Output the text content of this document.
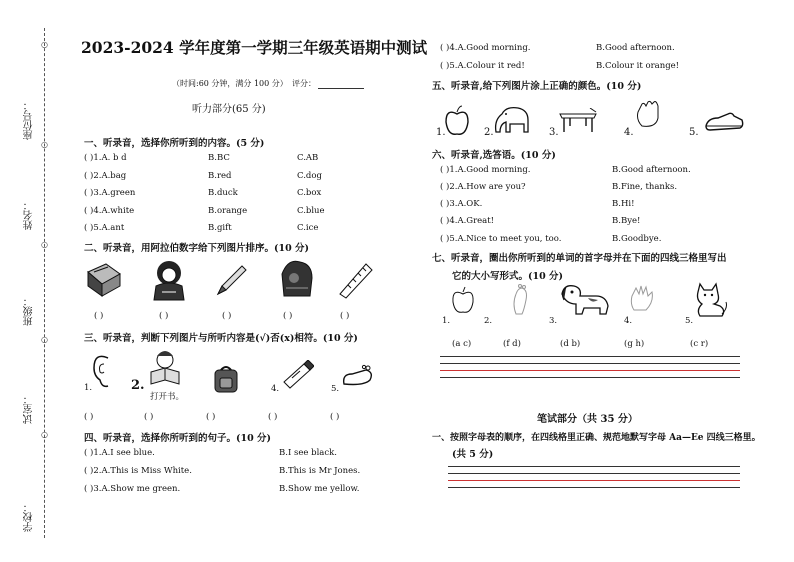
座位号：
姓名：
班级：
试室：
学校：
○
○
○
○
○
2023-2024 学年度第一学期三年级英语期中测试
（时间:60 分钟，满分 100 分） 评分：
听力部分(65 分)
一、听录音，选择你所听到的内容。(5 分)
( )1.A. b d	B.BC	C.AB
( )2.A.bag	B.red	C.dog
( )3.A.green	B.duck	C.box
( )4.A.white	B.orange	C.blue
( )5.A.ant	B.gift	C.ice
二、听录音，用阿拉伯数字给下列图片排序。(10 分)
( )	( )	( )	( )	( )
三、听录音，判断下列图片与所听内容是(√)否(x)相符。(10 分)
1.	2.
打开书。
4.	5.
( )	( )	( )	( )	( )
四、听录音，选择你所听到的句子。(10 分)
( )1.A.I see blue.	B.I see black.
( )2.A.This is Miss White.	B.This is Mr Jones.
( )3.A.Show me green.	B.Show me yellow.
( )4.A.Good morning.	B.Good afternoon.
( )5.A.Colour it red!	B.Colour it orange!
五、听录音,给下列图片涂上正确的颜色。(10 分)
1.	2.	3.	4.	5.
六、听录音,选答语。(10 分)
( )1.A.Good morning.	B.Good afternoon.
( )2.A.How are you?	B.Fine, thanks.
( )3.A.OK.	B.Hi!
( )4.A.Great!	B.Bye!
( )5.A.Nice to meet you, too.	B.Goodbye.
七、听录音，圈出你所听到的单词的首字母并在下面的四线三格里写出
它的大小写形式。(10 分)
1.	2.	3.	4.	5.
(a c)	(f d)	(d b)	(g h)	(c r)
笔试部分（共 35 分）
一、按照字母表的顺序，在四线格里正确、规范地默写字母 Aa—Ee 四线三格里。
(共 5 分)
